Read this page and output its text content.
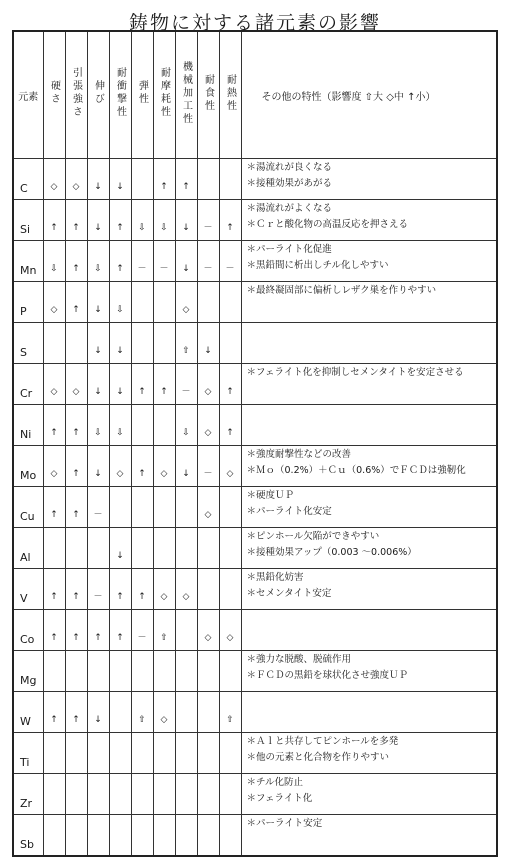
鋳物に対する諸元素の影響
元素	硬さ	引張強さ	伸び	耐衝撃性	弾性	耐摩耗性	機械加工性	耐食性	耐熱性	その他の特性（影響度 ⇧大 ◇中 ↑小）
C	◇	◇	↓	↓		↑	↑			＊湯流れが良くなる
＊接種効果があがる

Si	↑	↑	↓	↑	⇩	⇩	↓	－	↑	＊湯流れがよくなる
＊Ｃｒと酸化物の高温反応を押さえる

Mn	⇩	↑	⇩	↑	－	－	↓	－	－	＊パーライト化促進
＊黒鉛間に析出しチル化しやすい

P	◇	↑	↓	⇩			◇			＊最終凝固部に偏析しレザク巣を作りやすい

S			↓	↓			⇧	↓		
Cr	◇	◇	↓	↓	↑	↑	－	◇	↑	＊フェライト化を抑制しセメンタイトを安定させる

Ni	↑	↑	⇩	⇩			⇩	◇	↑	
Mo	◇	↑	↓	◇	↑	◇	↓	－	◇	＊強度耐撃性などの改善
＊Ｍｏ（0.2%）＋Ｃｕ（0.6%）でＦＣＤは強靭化

Cu	↑	↑	－					◇		＊硬度ＵＰ
＊パーライト化安定

Al				↓						＊ピンホール欠陥ができやすい
＊接種効果アップ（0.003 〜0.006%）

V	↑	↑	－	↑	↑	◇	◇			＊黒鉛化妨害
＊セメンタイト安定

Co	↑	↑	↑	↑	－	⇧		◇	◇	
Mg										＊強力な脱酸、脱硫作用
＊ＦＣＤの黒鉛を球状化させ強度ＵＰ

W	↑	↑	↓		⇧	◇			⇧	
Ti										＊Ａｌと共存してピンホールを多発
＊他の元素と化合物を作りやすい

Zr										＊チル化防止
＊フェライト化

Sb										＊パーライト安定
